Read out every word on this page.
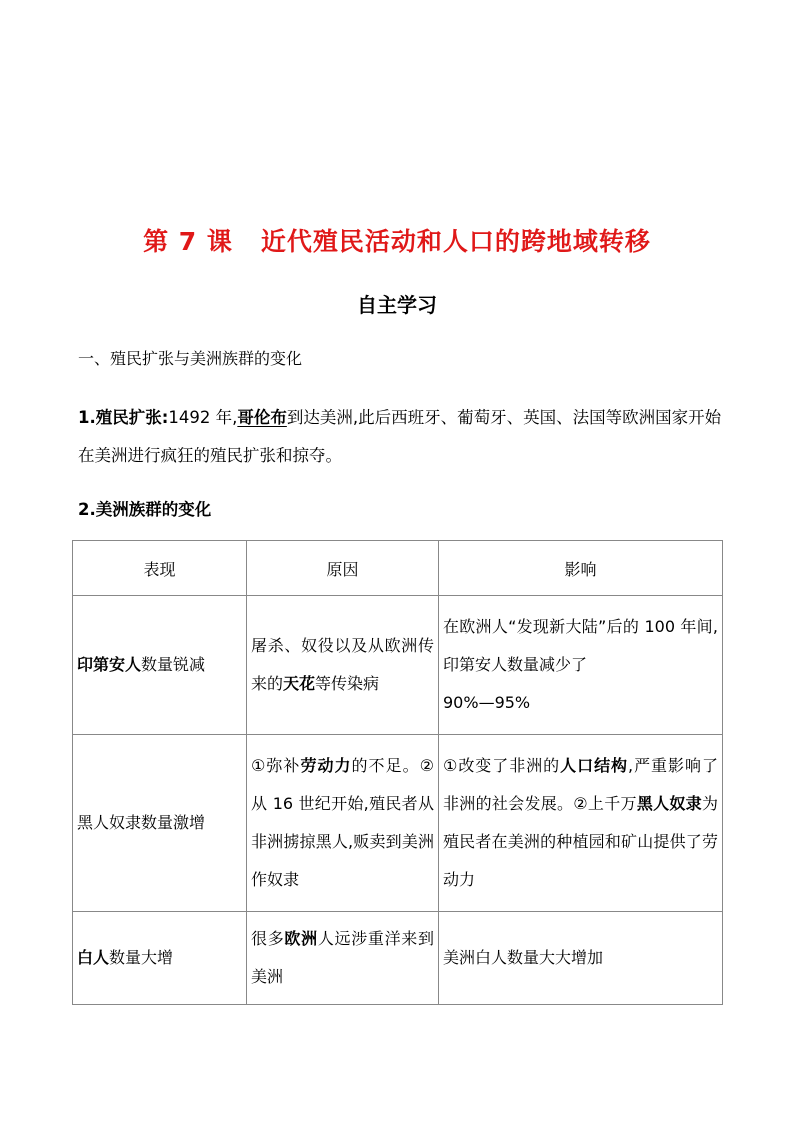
第 7 课 近代殖民活动和人口的跨地域转移
自主学习
一、殖民扩张与美洲族群的变化
1.殖民扩张:1492 年,哥伦布到达美洲,此后西班牙、葡萄牙、英国、法国等欧洲国家开始在美洲进行疯狂的殖民扩张和掠夺。
2.美洲族群的变化
表现	原因	影响
印第安人数量锐减	屠杀、奴役以及从欧洲传来的天花等传染病	在欧洲人“发现新大陆”后的 100 年间,印第安人数量减少了
90%—95%
黑人奴隶数量激增	①弥补劳动力的不足。②从 16 世纪开始,殖民者从非洲掳掠黑人,贩卖到美洲作奴隶	①改变了非洲的人口结构,严重影响了非洲的社会发展。②上千万黑人奴隶为殖民者在美洲的种植园和矿山提供了劳动力
白人数量大增	很多欧洲人远涉重洋来到美洲	美洲白人数量大大增加
